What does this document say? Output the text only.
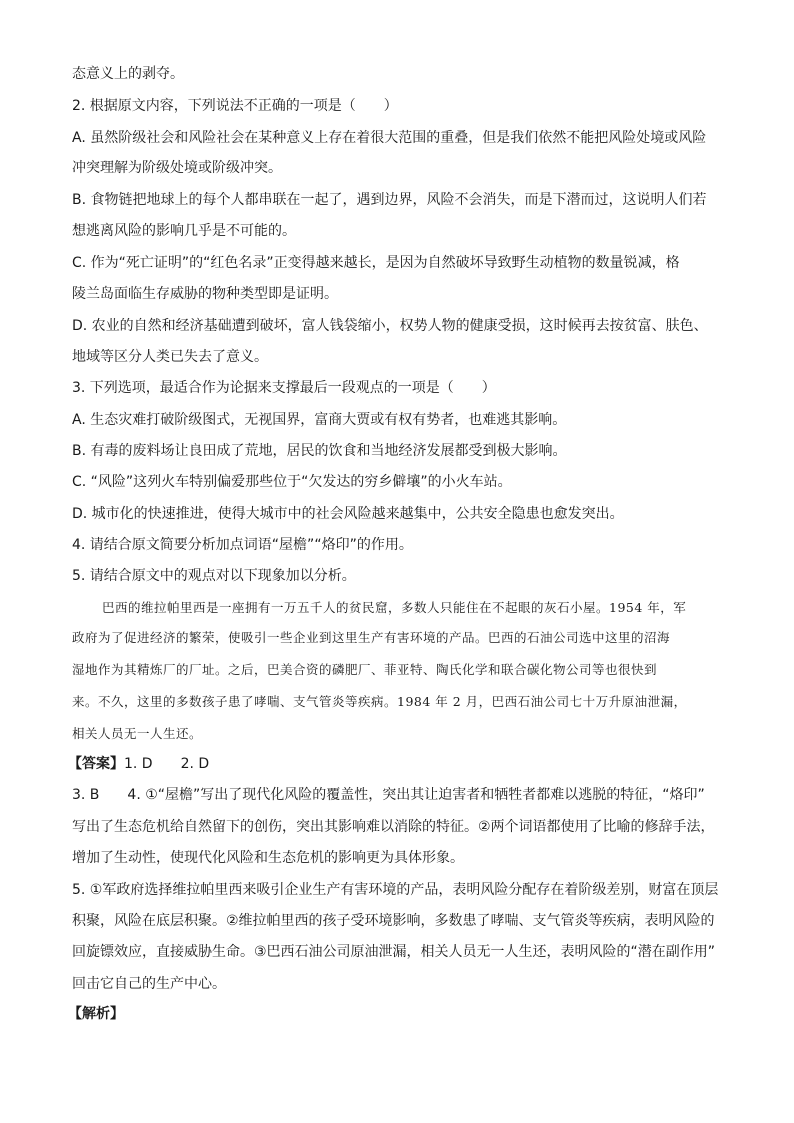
态意义上的剥夺。
2. 根据原文内容，下列说法不正确的一项是（　　）
A. 虽然阶级社会和风险社会在某种意义上存在着很大范围的重叠，但是我们依然不能把风险处境或风险
冲突理解为阶级处境或阶级冲突。
B. 食物链把地球上的每个人都串联在一起了，遇到边界，风险不会消失，而是下潜而过，这说明人们若
想逃离风险的影响几乎是不可能的。
C. 作为“死亡证明”的“红色名录”正变得越来越长，是因为自然破坏导致野生动植物的数量锐减，格
陵兰岛面临生存威胁的物种类型即是证明。
D. 农业的自然和经济基础遭到破坏，富人钱袋缩小，权势人物的健康受损，这时候再去按贫富、肤色、
地域等区分人类已失去了意义。
3. 下列选项，最适合作为论据来支撑最后一段观点的一项是（　　）
A. 生态灾难打破阶级图式，无视国界，富商大贾或有权有势者，也难逃其影响。
B. 有毒的废料场让良田成了荒地，居民的饮食和当地经济发展都受到极大影响。
C. “风险”这列火车特别偏爱那些位于“欠发达的穷乡僻壤”的小火车站。
D. 城市化的快速推进，使得大城市中的社会风险越来越集中，公共安全隐患也愈发突出。
4. 请结合原文简要分析加点词语“屋檐”“烙印”的作用。
5. 请结合原文中的观点对以下现象加以分析。
巴西的维拉帕里西是一座拥有一万五千人的贫民窟，多数人只能住在不起眼的灰石小屋。1954 年，军
政府为了促进经济的繁荣，使吸引一些企业到这里生产有害环境的产品。巴西的石油公司选中这里的沼海
湿地作为其精炼厂的厂址。之后，巴美合资的磷肥厂、菲亚特、陶氏化学和联合碳化物公司等也很快到
来。不久，这里的多数孩子患了哮喘、支气管炎等疾病。1984 年 2 月，巴西石油公司七十万升原油泄漏，
相关人员无一人生还。
【答案】1. D　　2. D
3. B　　4. ①“屋檐”写出了现代化风险的覆盖性，突出其让迫害者和牺牲者都难以逃脱的特征，“烙印”
写出了生态危机给自然留下的创伤，突出其影响难以消除的特征。②两个词语都使用了比喻的修辞手法，
增加了生动性，使现代化风险和生态危机的影响更为具体形象。
5. ①军政府选择维拉帕里西来吸引企业生产有害环境的产品，表明风险分配存在着阶级差别，财富在顶层
积聚，风险在底层积聚。②维拉帕里西的孩子受环境影响，多数患了哮喘、支气管炎等疾病，表明风险的
回旋镖效应，直接威胁生命。③巴西石油公司原油泄漏，相关人员无一人生还，表明风险的“潜在副作用”
回击它自己的生产中心。
【解析】
